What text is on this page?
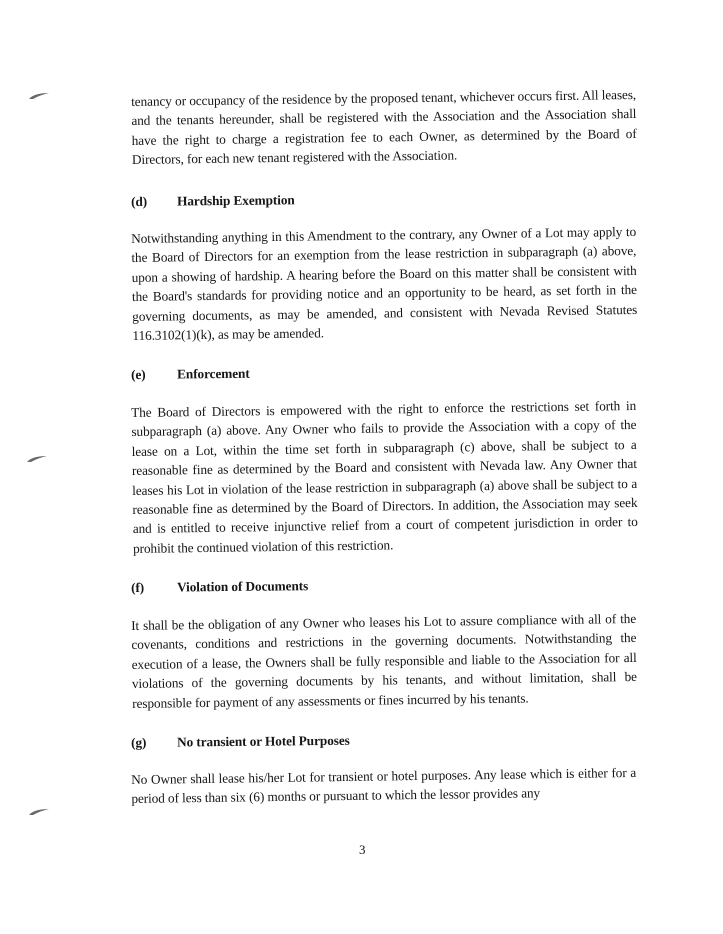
tenancy or occupancy of the residence by the proposed tenant, whichever occurs first. All leases, and the tenants hereunder, shall be registered with the Association and the Association shall have the right to charge a registration fee to each Owner, as determined by the Board of Directors, for each new tenant registered with the Association.

(d) Hardship Exemption

Notwithstanding anything in this Amendment to the contrary, any Owner of a Lot may apply to the Board of Directors for an exemption from the lease restriction in subparagraph (a) above, upon a showing of hardship. A hearing before the Board on this matter shall be consistent with the Board's standards for providing notice and an opportunity to be heard, as set forth in the governing documents, as may be amended, and consistent with Nevada Revised Statutes 116.3102(1)(k), as may be amended.

(e) Enforcement

The Board of Directors is empowered with the right to enforce the restrictions set forth in subparagraph (a) above. Any Owner who fails to provide the Association with a copy of the lease on a Lot, within the time set forth in subparagraph (c) above, shall be subject to a reasonable fine as determined by the Board and consistent with Nevada law. Any Owner that leases his Lot in violation of the lease restriction in subparagraph (a) above shall be subject to a reasonable fine as determined by the Board of Directors. In addition, the Association may seek and is entitled to receive injunctive relief from a court of competent jurisdiction in order to prohibit the continued violation of this restriction.

(f) Violation of Documents

It shall be the obligation of any Owner who leases his Lot to assure compliance with all of the covenants, conditions and restrictions in the governing documents. Notwithstanding the execution of a lease, the Owners shall be fully responsible and liable to the Association for all violations of the governing documents by his tenants, and without limitation, shall be responsible for payment of any assessments or fines incurred by his tenants.

(g) No transient or Hotel Purposes

No Owner shall lease his/her Lot for transient or hotel purposes. Any lease which is either for a period of less than six (6) months or pursuant to which the lessor provides any

3
